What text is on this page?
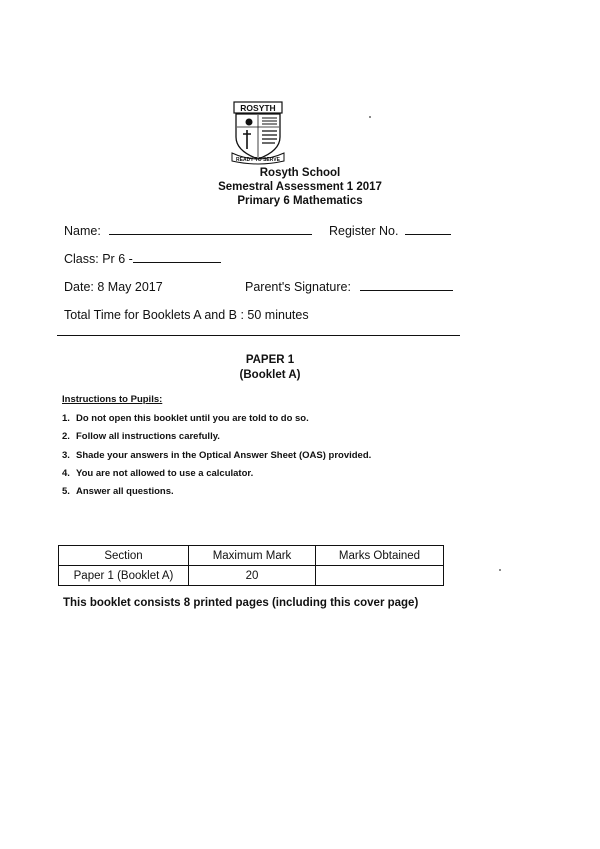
ROSYTH
READY TO SERVE
Rosyth School
Semestral Assessment 1 2017
Primary 6 Mathematics
Name:	Register No.
Class: Pr 6 -
Date: 8 May 2017	Parent's Signature:
Total Time for Booklets A and B : 50 minutes
PAPER 1
(Booklet A)
Instructions to Pupils:
1. Do not open this booklet until you are told to do so.
2. Follow all instructions carefully.
3. Shade your answers in the Optical Answer Sheet (OAS) provided.
4. You are not allowed to use a calculator.
5. Answer all questions.
Section	Maximum Mark	Marks Obtained
Paper 1 (Booklet A)	20	
This booklet consists 8 printed pages (including this cover page)
